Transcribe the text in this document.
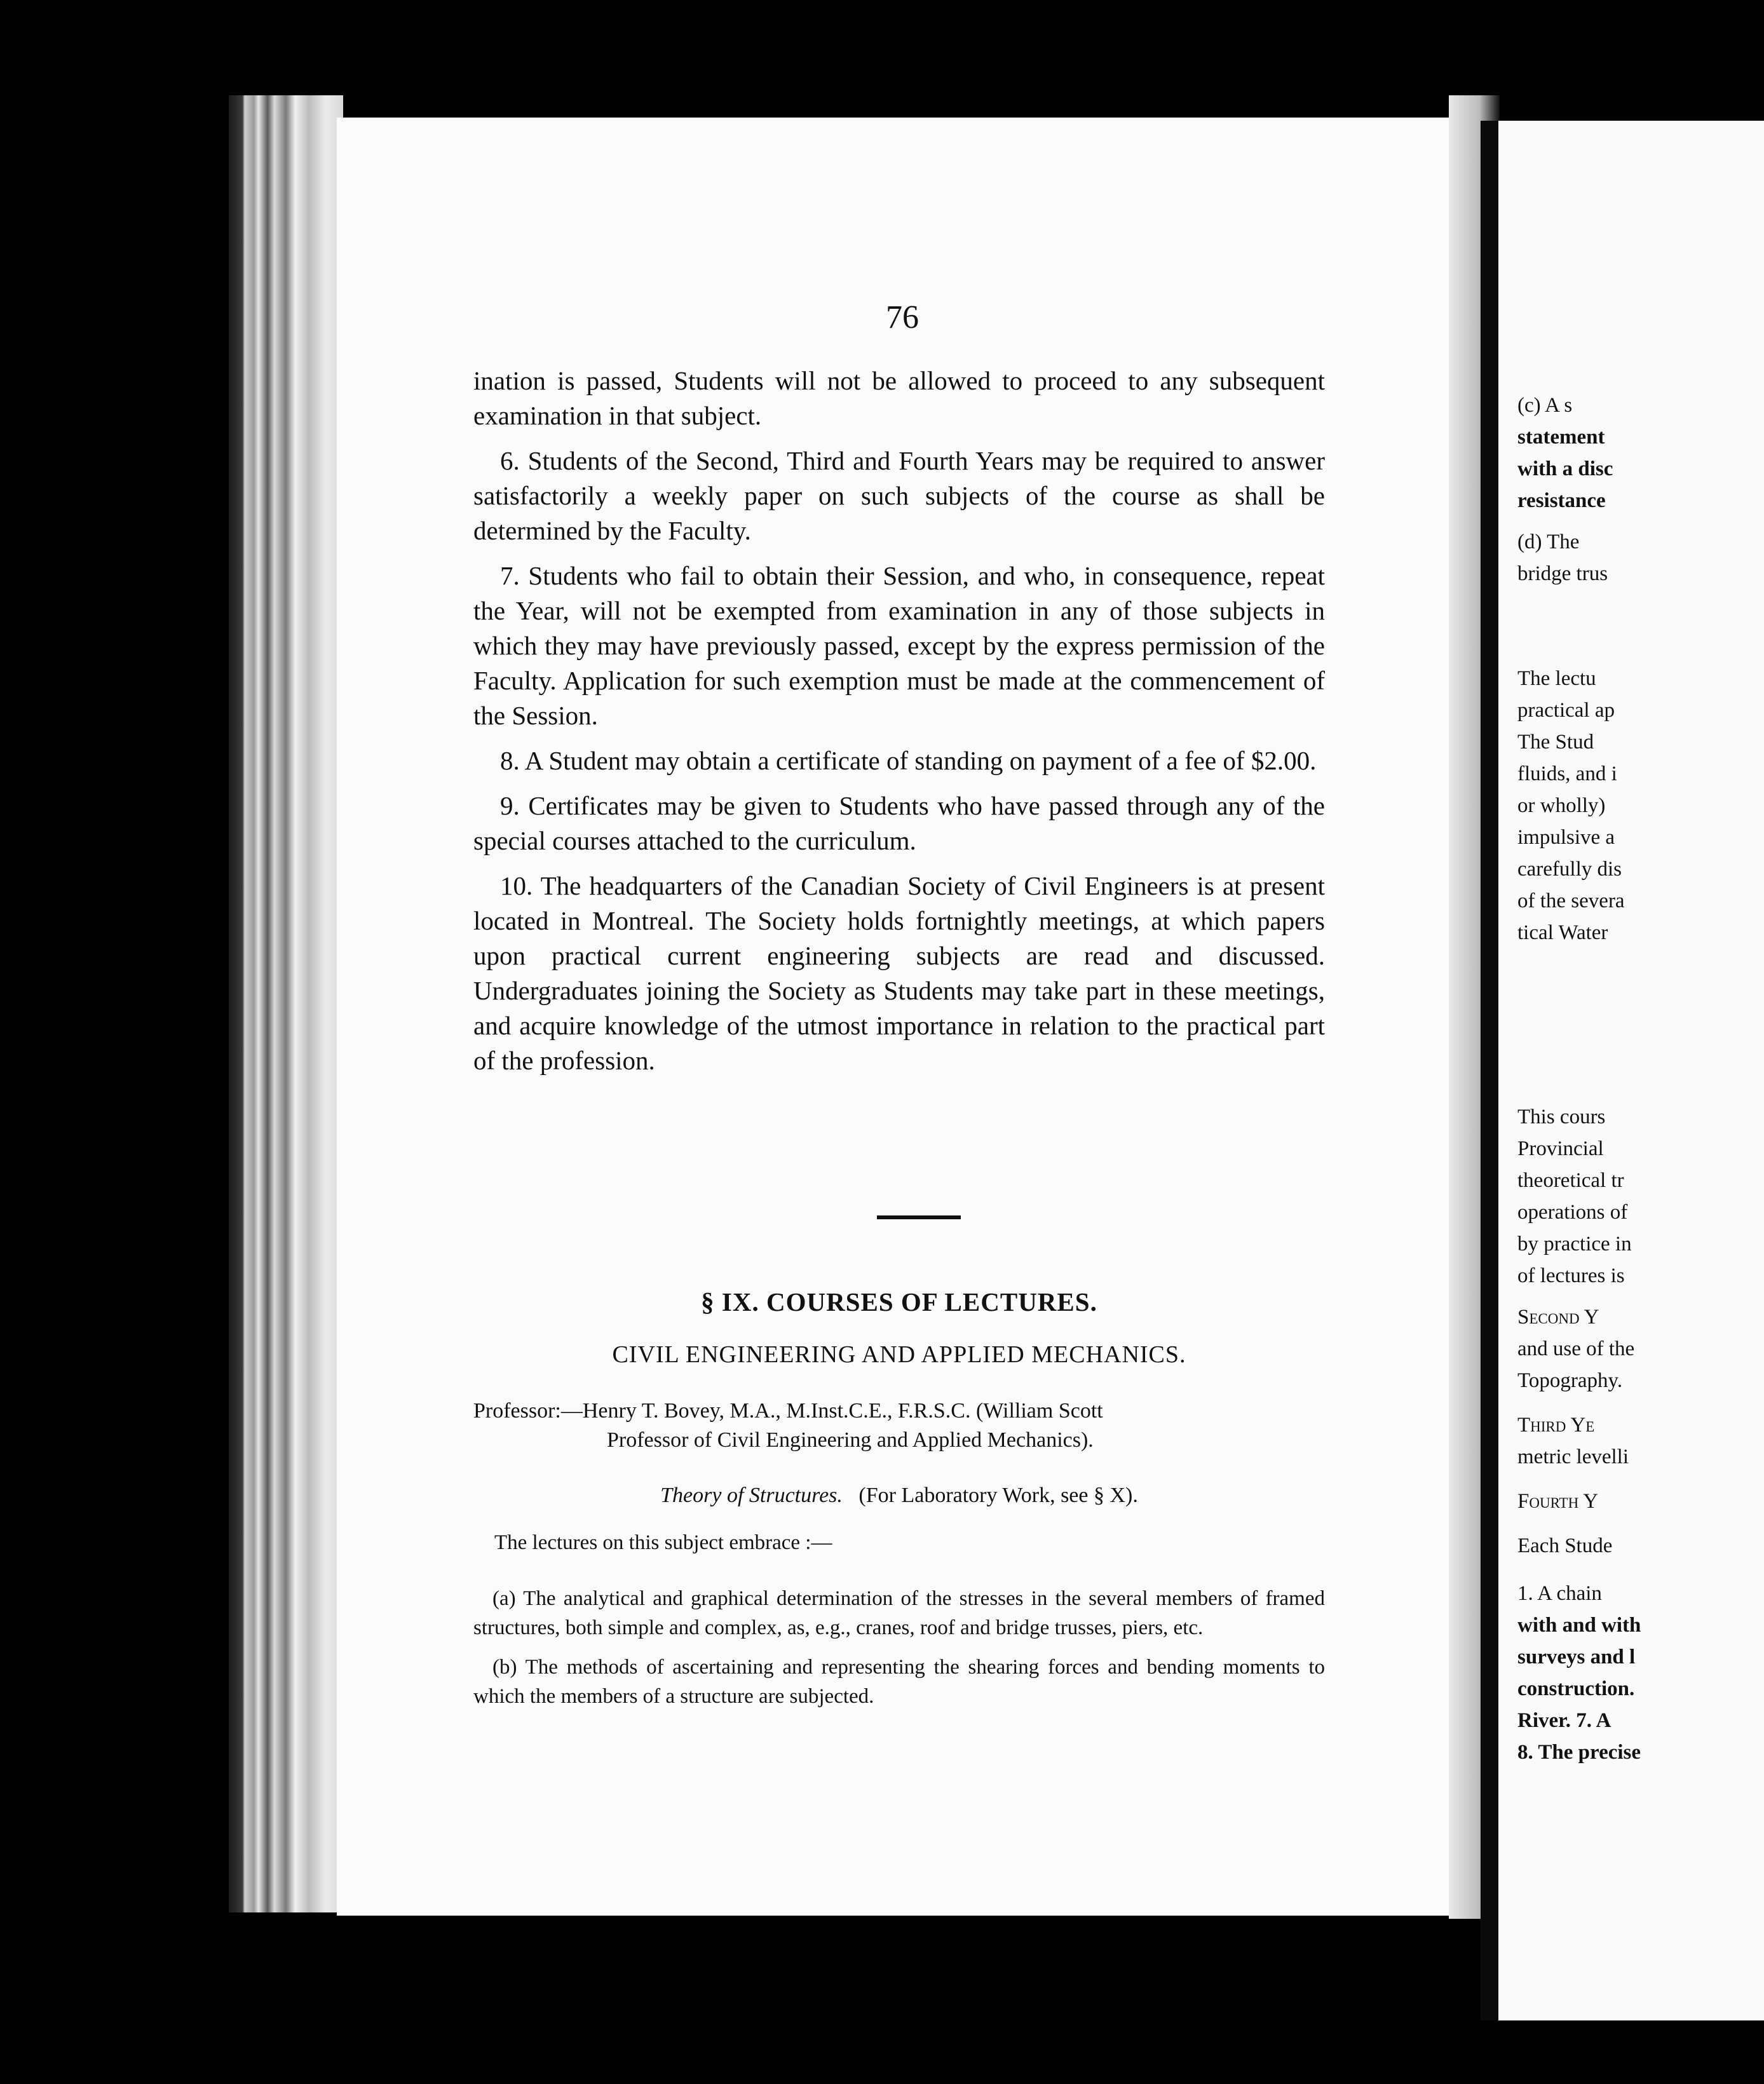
76

ination is passed, Students will not be allowed to proceed to any subsequent examination in that subject.

6. Students of the Second, Third and Fourth Years may be required to answer satisfactorily a weekly paper on such subjects of the course as shall be determined by the Faculty.

7. Students who fail to obtain their Session, and who, in consequence, repeat the Year, will not be exempted from examination in any of those subjects in which they may have previously passed, except by the express permission of the Faculty. Application for such exemption must be made at the commencement of the Session.

8. A Student may obtain a certificate of standing on payment of a fee of $2.00.

9. Certificates may be given to Students who have passed through any of the special courses attached to the curriculum.

10. The headquarters of the Canadian Society of Civil Engineers is at present located in Montreal. The Society holds fortnightly meetings, at which papers upon practical current engineering subjects are read and discussed. Undergraduates joining the Society as Students may take part in these meetings, and acquire knowledge of the utmost importance in relation to the practical part of the profession.

§ IX. COURSES OF LECTURES.
CIVIL ENGINEERING AND APPLIED MECHANICS.
Professor:—Henry T. Bovey, M.A., M.Inst.C.E., F.R.S.C. (William Scott
Professor of Civil Engineering and Applied Mechanics).
Theory of Structures. (For Laboratory Work, see § X).
The lectures on this subject embrace :—

(a) The analytical and graphical determination of the stresses in the several members of framed structures, both simple and complex, as, e.g., cranes, roof and bridge trusses, piers, etc.

(b) The methods of ascertaining and representing the shearing forces and bending moments to which the members of a structure are subjected.

(c) A s
statement
with a disc
resistance
(d) The
bridge trus
The lectu
practical ap
The Stud
fluids, and i
or wholly)
impulsive a
carefully dis
of the severa
tical Water
This cours
Provincial
theoretical tr
operations of
by practice in
of lectures is
Second Y
and use of the
Topography.
Third Ye
metric levelli
Fourth Y
Each Stude
1. A chain
with and with
surveys and l
construction.
River. 7. A
8. The precise
